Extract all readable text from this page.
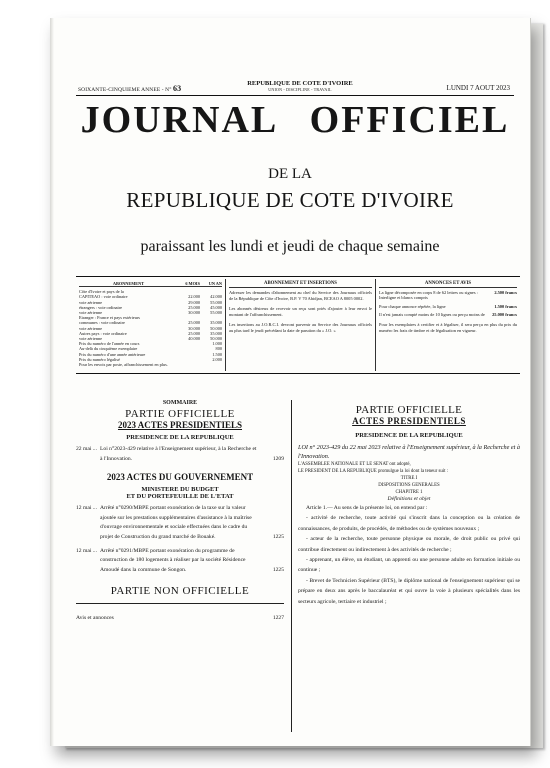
SOIXANTE-CINQUIEME ANNEE - N° 63
REPUBLIQUE DE COTE D'IVOIRE
UNION - DISCIPLINE - TRAVAIL	LUNDI 7 AOUT 2023
JOURNAL OFFICIEL
DE LA
REPUBLIQUE DE COTE D'IVOIRE
paraissant les lundi et jeudi de chaque semaine
ABONNEMENT	6 MOIS	UN AN
Côte d'Ivoire et pays de la
CAPITEAO : voie ordinaire	22.000	42.000
voie aérienne	29.000	55.000
étrangers : voie ordinaire	25.000	45.000
voie aérienne	30.000	55.000
Etranger : France et pays extérieurs
communes : voie ordinaire	25.000	35.000
voie aérienne	30.000	50.000
Autres pays : voie ordinaire	25.000	35.000
voie aérienne	40.000	50.000
Prix du numéro de l'année en cours	1.000
Au-delà du cinquième exemplaire	800
Prix du numéro d'une année antérieure	1.500
Prix du numéro légalisé	2.000
Pour les envois par poste, affranchissement en plus.
ABONNEMENT ET INSERTIONS
Adresser les demandes d'abonnement au chef du Service des Journaux officiels de la République de Côte d'Ivoire, B.P. V 70 Abidjan, BCEAO A 8005 0002.
Les abonnés désireux de recevoir un reçu sont priés d'ajouter à leur envoi le montant de l'affranchissement.
Les insertions au J.O.R.C.I. devront parvenir au Service des Journaux officiels au plus tard le jeudi précédant la date de parution du « J.O. »
ANNONCES ET AVIS
La ligne décomposée en corps 8 de 62 lettres ou signes : Interligne et blancs compris
2.500 francs
Pour chaque annonce répétée, la ligne	1.500 francs
Il n'est jamais compté moins de 10 lignes ou perçu moins de	25.000 francs
Pour les exemplaires à certifier et à légaliser, il sera perçu en plus du prix du numéro les frais de timbre et de légalisation en vigueur.
SOMMAIRE
PARTIE OFFICIELLE
2023 ACTES PRESIDENTIELS
PRESIDENCE DE LA REPUBLIQUE
22 mai ... Loi n°2023-429 relative à l'Enseignement supérieur, à la Recherche et à l'Innovation.	1209
2023 ACTES DU GOUVERNEMENT
MINISTERE DU BUDGET
ET DU PORTEFEUILLE DE L'ETAT
12 mai ... Arrêté n°0290/MBPE portant exonération de la taxe sur la valeur ajoutée sur les prestations supplémentaires d'assistance à la maîtrise d'ouvrage environnementale et sociale effectuées dans le cadre du projet de Construction du grand marché de Bouaké.	1225
12 mai ... Arrêté n°0291/MBPE portant exonération du programme de construction de 180 logements à réaliser par la société Résidence Amoudé dans la commune de Songon.	1225
PARTIE NON OFFICIELLE
Avis et annonces	1227
PARTIE OFFICIELLE
ACTES PRESIDENTIELS
PRESIDENCE DE LA REPUBLIQUE
LOI n° 2023-429 du 22 mai 2023 relative à l'Enseignement supérieur, à la Recherche et à l'Innovation.
L'ASSEMBLEE NATIONALE ET LE SENAT ont adopté,
LE PRESIDENT DE LA REPUBLIQUE promulgue la loi dont la teneur suit :
TITRE I
DISPOSITIONS GENERALES
CHAPITRE 1
Définitions et objet

Article 1.— Au sens de la présente loi, on entend par :

- activité de recherche, toute activité qui s'inscrit dans la conception ou la création de connaissances, de produits, de procédés, de méthodes ou de systèmes nouveaux ;

- acteur de la recherche, toute personne physique ou morale, de droit public ou privé qui contribue directement ou indirectement à des activités de recherche ;

- apprenant, un élève, un étudiant, un apprenti ou une personne adulte en formation initiale ou continue ;

- Brevet de Technicien Supérieur (BTS), le diplôme national de l'enseignement supérieur qui se prépare en deux ans après le baccalauréat et qui ouvre la voie à plusieurs spécialités dans les secteurs agricole, tertiaire et industriel ;
